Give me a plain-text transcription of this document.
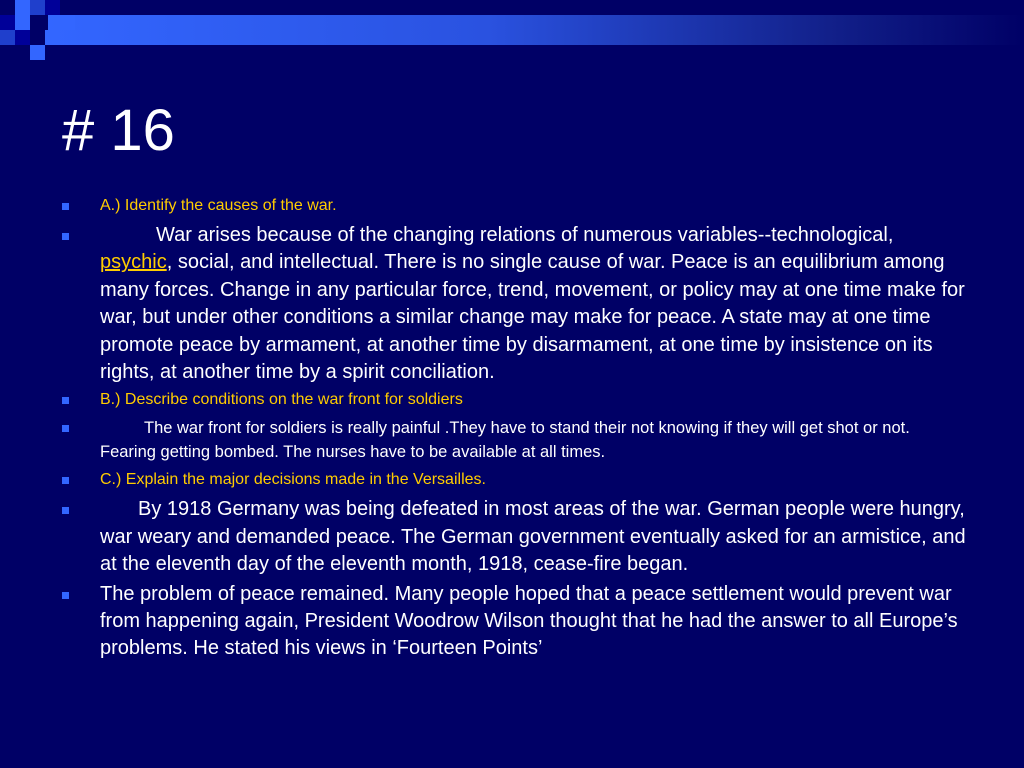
# 16
A.) Identify the causes of the war.
War arises because of the changing relations of numerous variables--technological, psychic, social, and intellectual. There is no single cause of war. Peace is an equilibrium among many forces. Change in any particular force, trend, movement, or policy may at one time make for war, but under other conditions a similar change may make for peace. A state may at one time promote peace by armament, at another time by disarmament, at one time by insistence on its rights, at another time by a spirit conciliation.
B.) Describe conditions on the war front for soldiers
The war front for soldiers is really painful .They have to stand their not knowing if they will get shot or not. Fearing getting bombed. The nurses have to be available at all times.
C.) Explain the major decisions made in the Versailles.
By 1918 Germany was being defeated in most areas of the war. German people were hungry, war weary and demanded peace. The German government eventually asked for an armistice, and at the eleventh day of the eleventh month, 1918, cease-fire began.
The problem of peace remained. Many people hoped that a peace settlement would prevent war from happening again, President Woodrow Wilson thought that he had the answer to all Europe’s problems. He stated his views in ‘Fourteen Points’
